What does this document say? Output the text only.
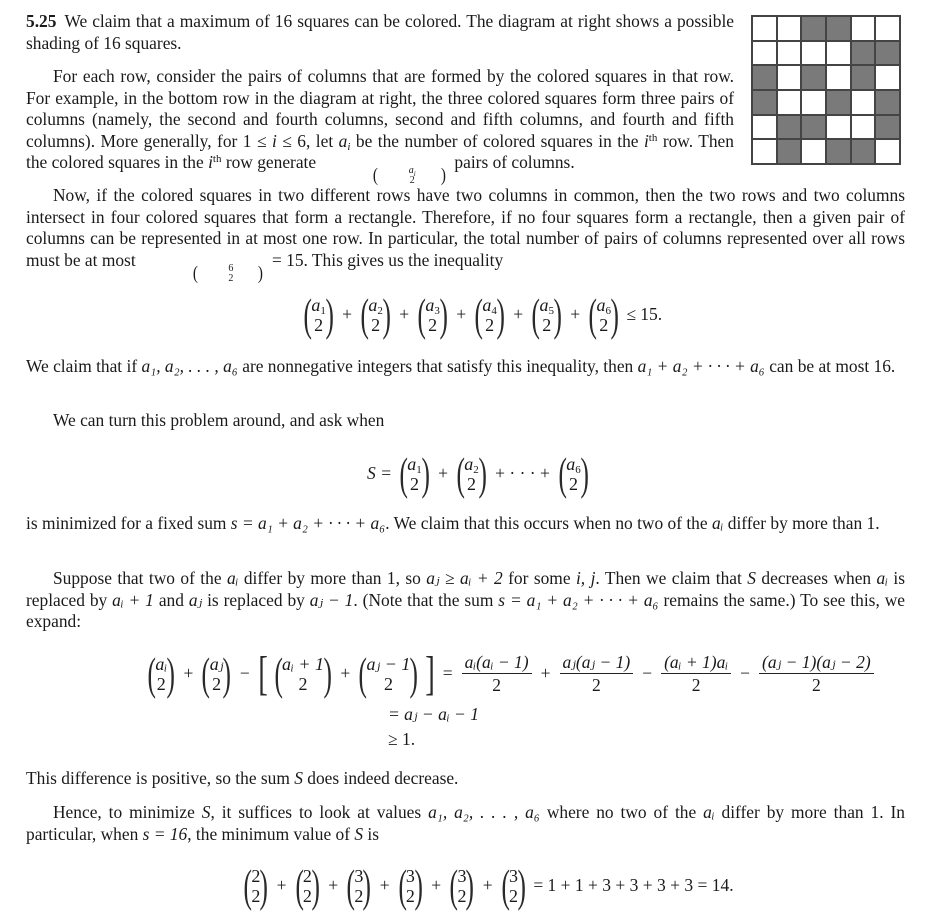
5.25 We claim that a maximum of 16 squares can be colored. The diagram at right shows a possible shading of 16 squares.

For each row, consider the pairs of columns that are formed by the colored squares in that row. For example, in the bottom row in the diagram at right, the three colored squares form three pairs of columns (namely, the second and fourth columns, second and fifth columns, and fourth and fifth columns). More generally, for 1 ≤ i ≤ 6, let $a_i$ be the number of colored squares in the $i^{th}$ row. Then the colored squares in the $i^{th}$ row generate (	$a_i$
2 ) pairs of columns.

Now, if the colored squares in two different rows have two columns in common, then the two rows and two columns intersect in four colored squares that form a rectangle. Therefore, if no four squares form a rectangle, then a given pair of columns can be represented in at most one row. In particular, the total number of pairs of columns represented over all rows must be at most (	6
2 ) = 15. This gives us the inequality

( $a_1$
2 ) + ( $a_2$
2 ) + ( $a_3$
2 ) + ( $a_4$
2 ) + ( $a_5$
2 ) + ( $a_6$
2 ) ≤ 15.

We claim that if a₁, a₂, . . . , a₆ are nonnegative integers that satisfy this inequality, then a₁ + a₂ + · · · + a₆ can be at most 16.

We can turn this problem around, and ask when

S = ( $a_1$
2 ) + ( $a_2$
2 ) + · · · + ( $a_6$
2 )

is minimized for a fixed sum s = a₁ + a₂ + · · · + a₆. We claim that this occurs when no two of the aᵢ differ by more than 1.

Suppose that two of the aᵢ differ by more than 1, so aⱼ ≥ aᵢ + 2 for some i, j. Then we claim that S decreases when aᵢ is replaced by aᵢ + 1 and aⱼ is replaced by aⱼ − 1. (Note that the sum s = a₁ + a₂ + · · · + a₆ remains the same.) To see this, we expand:

( aᵢ
2 ) + ( aⱼ
2 ) − [ ( aᵢ + 1
2 ) + ( aⱼ − 1
2 ) ] = $\frac{\text{aᵢ(aᵢ − 1)}}{2} + \frac{\text{aⱼ(aⱼ − 1)}}{2} - \frac{\text{(aᵢ + 1)aᵢ}}{2} - \frac{\text{(aⱼ − 1)(aⱼ − 2)}}{2}$
= aⱼ − aᵢ − 1
≥ 1.

This difference is positive, so the sum S does indeed decrease.

Hence, to minimize S, it suffices to look at values a₁, a₂, . . . , a₆ where no two of the aᵢ differ by more than 1. In particular, when s = 16, the minimum value of S is

( 2
2 ) + ( 2
2 ) + ( 3
2 ) + ( 3
2 ) + ( 3
2 ) + ( 3
2 ) = 1 + 1 + 3 + 3 + 3 + 3 = 14.
